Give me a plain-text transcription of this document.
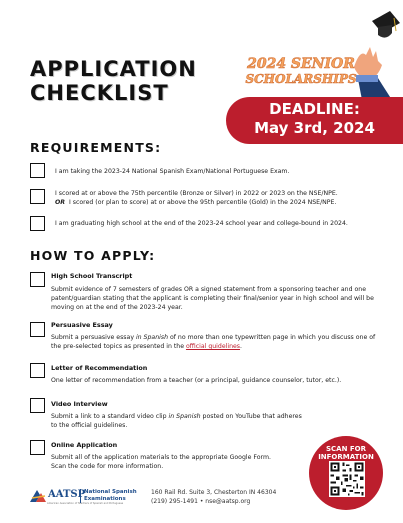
APPLICATION
CHECKLIST
2024 SENIOR
SCHOLARSHIPS
DEADLINE:
May 3rd, 2024
REQUIREMENTS:
I am taking the 2023-24 National Spanish Exam/National Portuguese Exam.
I scored at or above the 75th percentile (Bronze or Silver) in 2022 or 2023 on the NSE/NPE.
OR I scored (or plan to score) at or above the 95th percentile (Gold) in the 2024 NSE/NPE.
I am graduating high school at the end of the 2023-24 school year and college-bound in 2024.
HOW TO APPLY:
High School Transcript
Submit evidence of 7 semesters of grades OR a signed statement from a sponsoring teacher and one patent/guardian stating that the applicant is completing their final/senior year in high school and will be moving on at the end of the 2023-24 year.
Persuasive Essay
Submit a persuasive essay in Spanish of no more than one typewritten page in which you discuss one of the pre-selected topics as presented in the official guidelines.
Letter of Recommendation
One letter of recommendation from a teacher (or a principal, guidance counselor, tutor, etc.).
Video Interview
Submit a link to a standard video clip in Spanish posted on YouTube that adheres to the official guidelines.
Online Application
Submit all of the application materials to the appropriate Google Form.
Scan the code for more information.
SCAN FOR
INFORMATION
AATSP
American Association of Teachers of Spanish and Portuguese
National Spanish
Examinations
160 Rail Rd. Suite 3, Chesterton IN 46304
(219) 295-1491 • nse@aatsp.org
